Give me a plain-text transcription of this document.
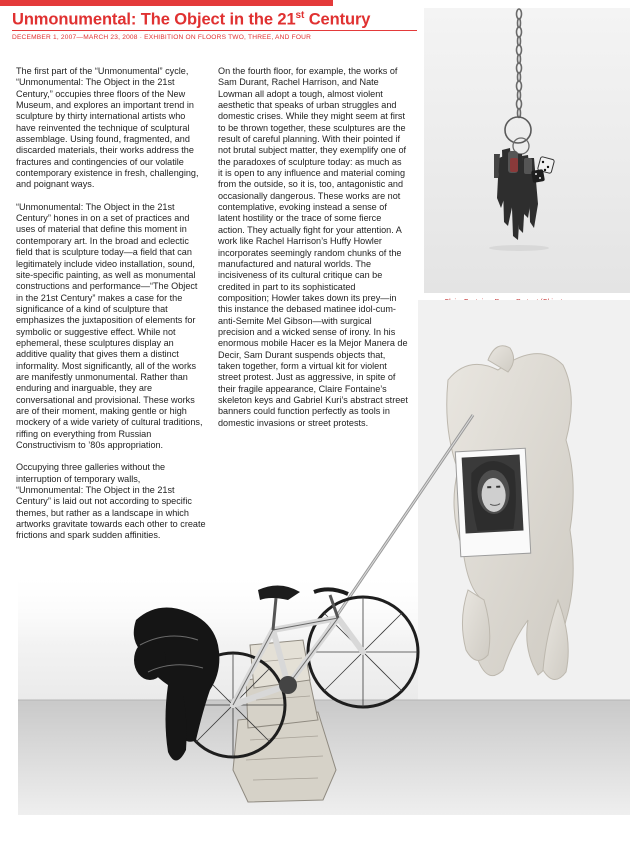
Unmonumental: The Object in the 21st Century
DECEMBER 1, 2007—MARCH 23, 2008 · EXHIBITION ON FLOORS TWO, THREE, AND FOUR

The first part of the “Unmonumental” cycle, “Unmonumental: The Object in the 21st Century,” occupies three floors of the New Museum, and explores an important trend in sculpture by thirty international artists who have reinvented the technique of sculptural assemblage. Using found, fragmented, and discarded materials, their works address the fractures and contingencies of our volatile contemporary existence in fresh, challenging, and poignant ways.

“Unmonumental: The Object in the 21st Century” hones in on a set of practices and uses of material that define this moment in contemporary art. In the broad and eclectic field that is sculpture today—a field that can legitimately include video installation, sound, site-specific painting, as well as monumental constructions and performance—“The Object in the 21st Century” makes a case for the significance of a kind of sculpture that emphasizes the juxtaposition of elements for symbolic or suggestive effect. While not ephemeral, these sculptures display an additive quality that gives them a distinct informality. Most significantly, all of the works are manifestly unmonumental. Rather than enduring and inarguable, they are conversational and provisional. These works are of their moment, making gentle or high mockery of a wide variety of cultural traditions, riffing on everything from Russian Constructivism to ’80s appropriation.

Occupying three galleries without the interruption of temporary walls, “Unmonumental: The Object in the 21st Century” is laid out not according to specific themes, but rather as a landscape in which artworks gravitate towards each other to create frictions and spark sudden affinities.

On the fourth floor, for example, the works of Sam Durant, Rachel Harrison, and Nate Lowman all adopt a tough, almost violent aesthetic that speaks of urban struggles and domestic crises. While they might seem at first to be thrown together, these sculptures are the result of careful planning. With their pointed if not brutal subject matter, they exemplify one of the paradoxes of sculpture today: as much as it is open to any influence and material coming from the outside, so it is, too, antagonistic and occasionally dangerous. These works are not contemplative, evoking instead a sense of latent hostility or the trace of some fierce action. They actually fight for your attention. A work like Rachel Harrison’s Huffy Howler incorporates seemingly random chunks of the manufactured and natural worlds. The incisiveness of its cultural critique can be credited in part to its sophisticated composition; Howler takes down its prey—in this instance the debased matinee idol-cum-anti-Semite Mel Gibson—with surgical precision and a wicked sense of irony. In his enormous mobile Hacer es la Mejor Manera de Decir, Sam Durant suspends objects that, taken together, form a virtual kit for violent street protest. Just as aggressive, in spite of their fragile appearance, Claire Fontaine’s skeleton keys and Gabriel Kuri’s abstract street banners could function perfectly as tools in domestic invasions or street protests.
